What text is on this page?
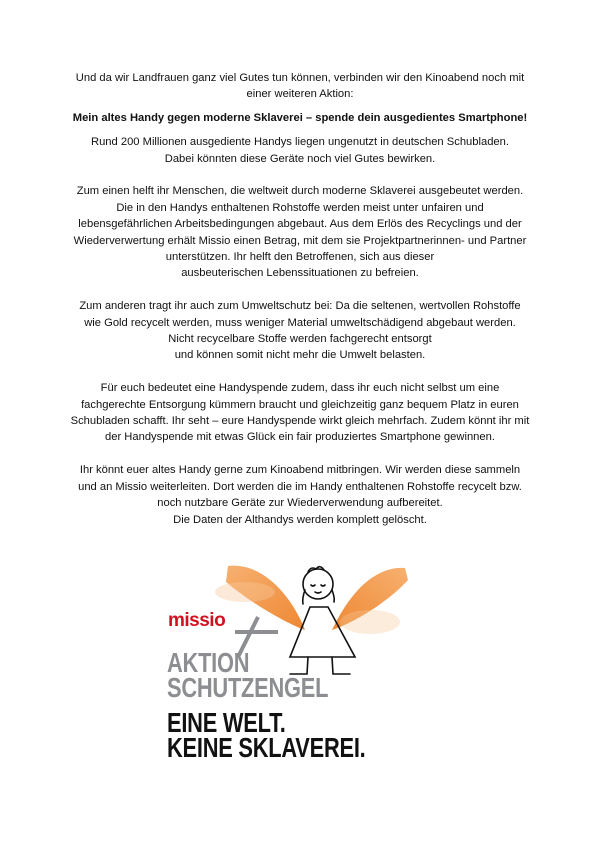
Und da wir Landfrauen ganz viel Gutes tun können, verbinden wir den Kinoabend noch mit
einer weiteren Aktion:

Mein altes Handy gegen moderne Sklaverei – spende dein ausgedientes Smartphone!

Rund 200 Millionen ausgediente Handys liegen ungenutzt in deutschen Schubladen.
Dabei könnten diese Geräte noch viel Gutes bewirken.

Zum einen helft ihr Menschen, die weltweit durch moderne Sklaverei ausgebeutet werden.
Die in den Handys enthaltenen Rohstoffe werden meist unter unfairen und
lebensgefährlichen Arbeitsbedingungen abgebaut. Aus dem Erlös des Recyclings und der
Wiederverwertung erhält Missio einen Betrag, mit dem sie Projektpartnerinnen- und Partner
unterstützen. Ihr helft den Betroffenen, sich aus dieser
ausbeuterischen Lebenssituationen zu befreien.

Zum anderen tragt ihr auch zum Umweltschutz bei: Da die seltenen, wertvollen Rohstoffe
wie Gold recycelt werden, muss weniger Material umweltschädigend abgebaut werden.
Nicht recycelbare Stoffe werden fachgerecht entsorgt
und können somit nicht mehr die Umwelt belasten.

Für euch bedeutet eine Handyspende zudem, dass ihr euch nicht selbst um eine
fachgerechte Entsorgung kümmern braucht und gleichzeitig ganz bequem Platz in euren
Schubladen schafft. Ihr seht – eure Handyspende wirkt gleich mehrfach. Zudem könnt ihr mit
der Handyspende mit etwas Glück ein fair produziertes Smartphone gewinnen.

Ihr könnt euer altes Handy gerne zum Kinoabend mitbringen. Wir werden diese sammeln
und an Missio weiterleiten. Dort werden die im Handy enthaltenen Rohstoffe recycelt bzw.
noch nutzbare Geräte zur Wiederverwendung aufbereitet.
Die Daten der Althandys werden komplett gelöscht.

missio
AKTION
SCHUTZENGEL
EINE WELT.
KEINE SKLAVEREI.
